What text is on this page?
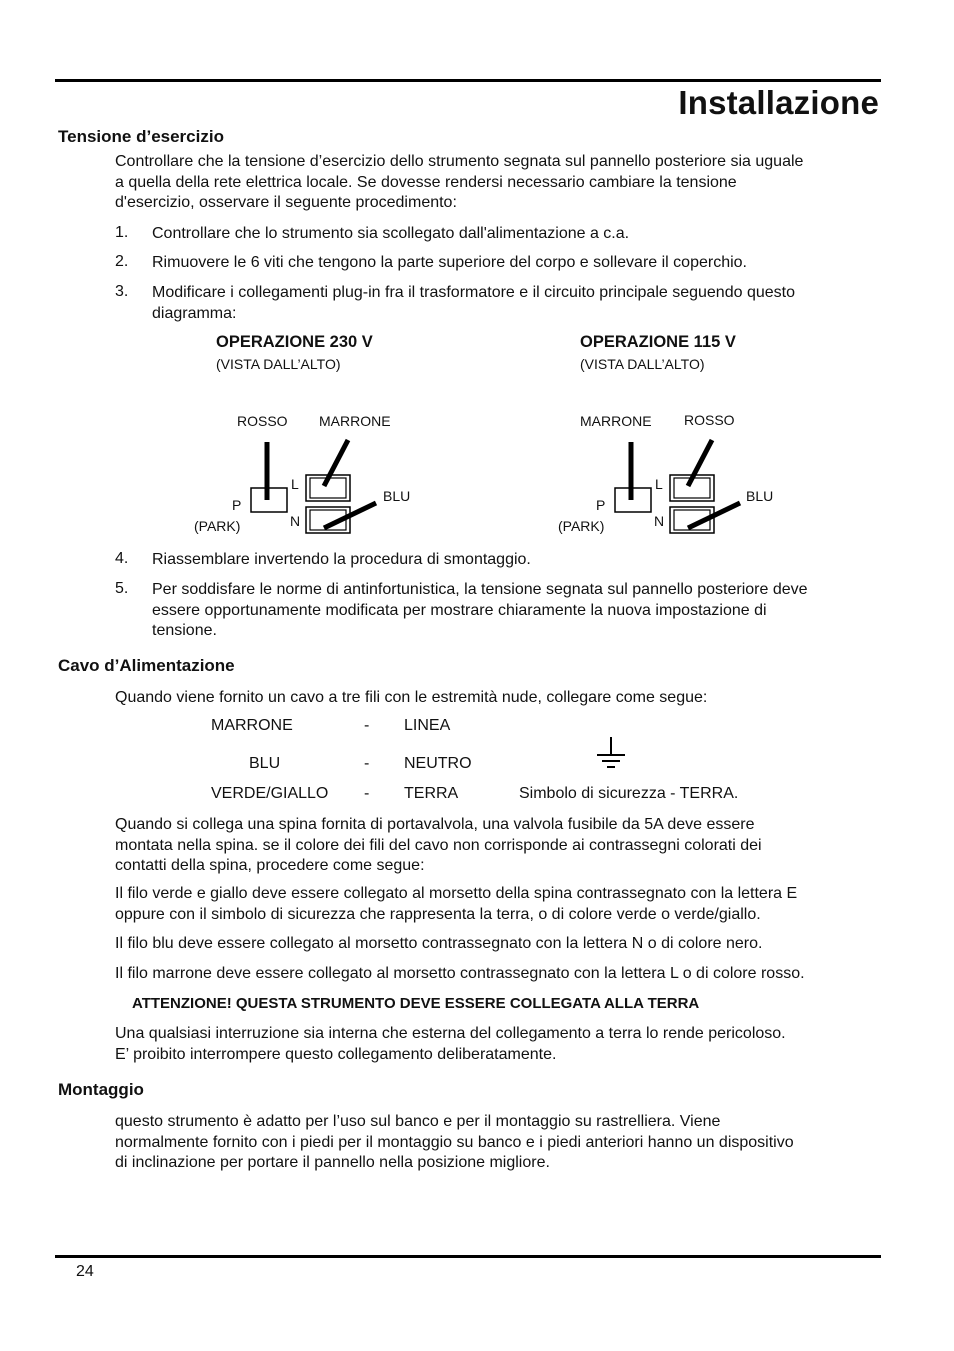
Installazione
Tensione d’esercizio
Controllare che la tensione d’esercizio dello strumento segnata sul pannello posteriore sia uguale
a quella della rete elettrica locale. Se dovesse rendersi necessario cambiare la tensione
d'esercizio, osservare il seguente procedimento:
1. Controllare che lo strumento sia scollegato dall'alimentazione a c.a.
2. Rimuovere le 6 viti che tengono la parte superiore del corpo e sollevare il coperchio.
3. Modificare i collegamenti plug-in fra il trasformatore e il circuito principale seguendo questo
diagramma:
OPERAZIONE 230 V
(VISTA DALL’ALTO)
ROSSO MARRONE
L
N
P
(PARK)
BLU
OPERAZIONE 115 V
(VISTA DALL’ALTO)
MARRONE ROSSO
L
N
P
(PARK)
BLU
4. Riassemblare invertendo la procedura di smontaggio.
5. Per soddisfare le norme di antinfortunistica, la tensione segnata sul pannello posteriore deve
essere opportunamente modificata per mostrare chiaramente la nuova impostazione di
tensione.
Cavo d’Alimentazione
Quando viene fornito un cavo a tre fili con le estremità nude, collegare come segue:
MARRONE	- LINEA
BLU	- NEUTRO
VERDE/GIALLO - TERRA	Simbolo di sicurezza - TERRA.
Quando si collega una spina fornita di portavalvola, una valvola fusibile da 5A deve essere
montata nella spina. se il colore dei fili del cavo non corrisponde ai contrassegni colorati dei
contatti della spina, procedere come segue:
Il filo verde e giallo deve essere collegato al morsetto della spina contrassegnato con la lettera E
oppure con il simbolo di sicurezza che rappresenta la terra, o di colore verde o verde/giallo.
Il filo blu deve essere collegato al morsetto contrassegnato con la lettera N o di colore nero.
Il filo marrone deve essere collegato al morsetto contrassegnato con la lettera L o di colore rosso.
ATTENZIONE! QUESTA STRUMENTO DEVE ESSERE COLLEGATA ALLA TERRA
Una qualsiasi interruzione sia interna che esterna del collegamento a terra lo rende pericoloso.
E’ proibito interrompere questo collegamento deliberatamente.
Montaggio
questo strumento è adatto per l’uso sul banco e per il montaggio su rastrelliera. Viene
normalmente fornito con i piedi per il montaggio su banco e i piedi anteriori hanno un dispositivo
di inclinazione per portare il pannello nella posizione migliore.
24
